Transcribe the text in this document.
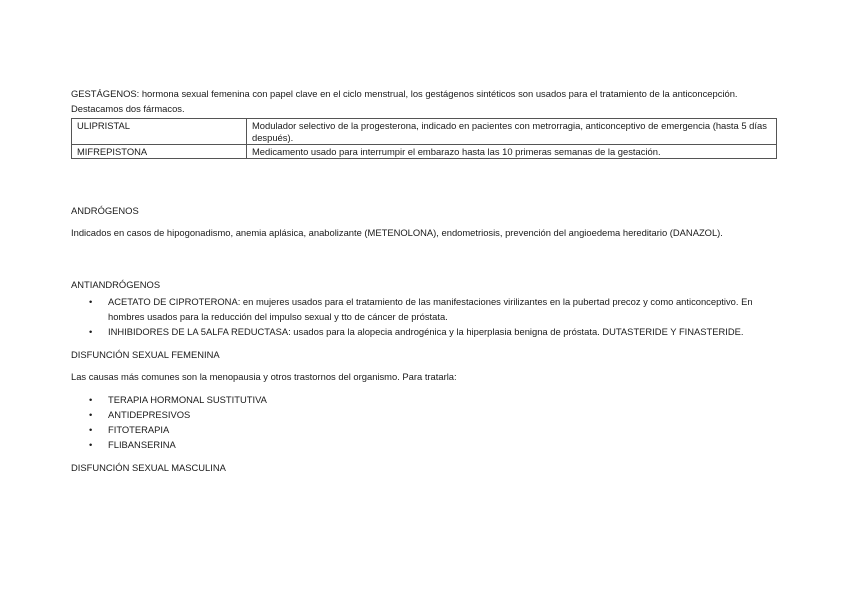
GESTÁGENOS: hormona sexual femenina con papel clave en el ciclo menstrual, los gestágenos sintéticos son usados para el tratamiento de la anticoncepción. Destacamos dos fármacos.

ULIPRISTAL	Modulador selectivo de la progesterona, indicado en pacientes con metrorragia, anticonceptivo de emergencia (hasta 5 días después).
MIFREPISTONA	Medicamento usado para interrumpir el embarazo hasta las 10 primeras semanas de la gestación.

ANDRÓGENOS

Indicados en casos de hipogonadismo, anemia aplásica, anabolizante (METENOLONA), endometriosis, prevención del angioedema hereditario (DANAZOL).

ANTIANDRÓGENOS

• ACETATO DE CIPROTERONA: en mujeres usados para el tratamiento de las manifestaciones virilizantes en la pubertad precoz y como anticonceptivo. En hombres usados para la reducción del impulso sexual y tto de cáncer de próstata.
• INHIBIDORES DE LA 5ALFA REDUCTASA: usados para la alopecia androgénica y la hiperplasia benigna de próstata. DUTASTERIDE Y FINASTERIDE.

DISFUNCIÓN SEXUAL FEMENINA

Las causas más comunes son la menopausia y otros trastornos del organismo. Para tratarla:

• TERAPIA HORMONAL SUSTITUTIVA
• ANTIDEPRESIVOS
• FITOTERAPIA
• FLIBANSERINA

DISFUNCIÓN SEXUAL MASCULINA
